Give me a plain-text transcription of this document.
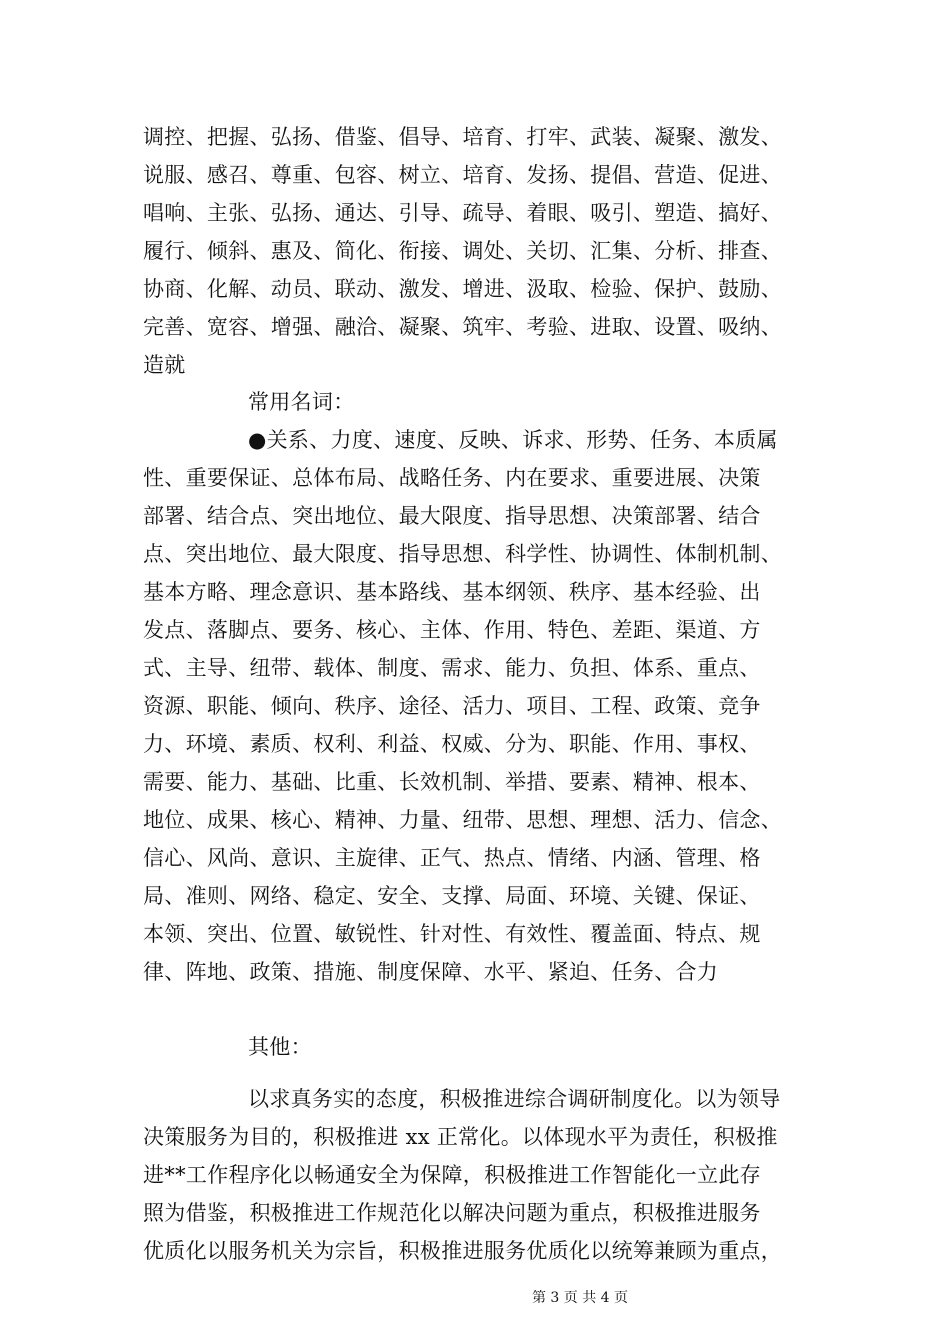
调控、把握、弘扬、借鉴、倡导、培育、打牢、武装、凝聚、激发、
说服、感召、尊重、包容、树立、培育、发扬、提倡、营造、促进、
唱响、主张、弘扬、通达、引导、疏导、着眼、吸引、塑造、搞好、
履行、倾斜、惠及、简化、衔接、调处、关切、汇集、分析、排查、
协商、化解、动员、联动、激发、增进、汲取、检验、保护、鼓励、
完善、宽容、增强、融洽、凝聚、筑牢、考验、进取、设置、吸纳、
造就
常用名词：
●关系、力度、速度、反映、诉求、形势、任务、本质属
性、重要保证、总体布局、战略任务、内在要求、重要进展、决策
部署、结合点、突出地位、最大限度、指导思想、决策部署、结合
点、突出地位、最大限度、指导思想、科学性、协调性、体制机制、
基本方略、理念意识、基本路线、基本纲领、秩序、基本经验、出
发点、落脚点、要务、核心、主体、作用、特色、差距、渠道、方
式、主导、纽带、载体、制度、需求、能力、负担、体系、重点、
资源、职能、倾向、秩序、途径、活力、项目、工程、政策、竞争
力、环境、素质、权利、利益、权威、分为、职能、作用、事权、
需要、能力、基础、比重、长效机制、举措、要素、精神、根本、
地位、成果、核心、精神、力量、纽带、思想、理想、活力、信念、
信心、风尚、意识、主旋律、正气、热点、情绪、内涵、管理、格
局、准则、网络、稳定、安全、支撑、局面、环境、关键、保证、
本领、突出、位置、敏锐性、针对性、有效性、覆盖面、特点、规
律、阵地、政策、措施、制度保障、水平、紧迫、任务、合力
其他：
以求真务实的态度，积极推进综合调研制度化。以为领导
决策服务为目的，积极推进 xx 正常化。以体现水平为责任，积极推
进**工作程序化以畅通安全为保障，积极推进工作智能化一立此存
照为借鉴，积极推进工作规范化以解决问题为重点，积极推进服务
优质化以服务机关为宗旨，积极推进服务优质化以统筹兼顾为重点，
第 3 页 共 4 页
